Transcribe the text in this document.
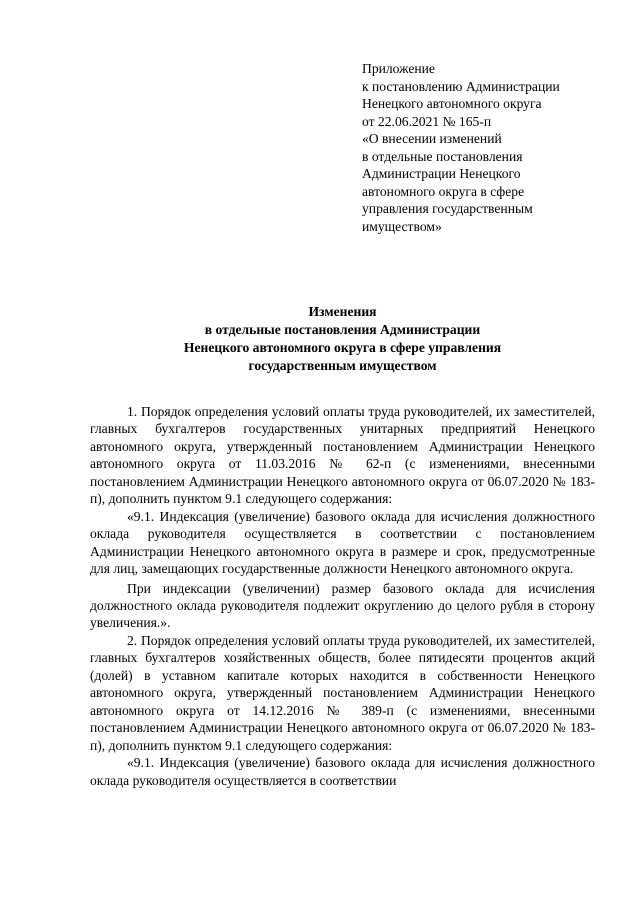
Приложение
к постановлению Администрации
Ненецкого автономного округа
от 22.06.2021 № 165-п
«О внесении изменений
в отдельные постановления
Администрации Ненецкого
автономного округа в сфере
управления государственным
имуществом»
Изменения
в отдельные постановления Администрации
Ненецкого автономного округа в сфере управления
государственным имуществом

1. Порядок определения условий оплаты труда руководителей, их заместителей, главных бухгалтеров государственных унитарных предприятий Ненецкого автономного округа, утвержденный постановлением Администрации Ненецкого автономного округа от 11.03.2016 № 62-п (с изменениями, внесенными постановлением Администрации Ненецкого автономного округа от 06.07.2020 № 183-п), дополнить пунктом 9.1 следующего содержания:

«9.1. Индексация (увеличение) базового оклада для исчисления должностного оклада руководителя осуществляется в соответствии с постановлением Администрации Ненецкого автономного округа в размере и срок, предусмотренные для лиц, замещающих государственные должности Ненецкого автономного округа.

При индексации (увеличении) размер базового оклада для исчисления должностного оклада руководителя подлежит округлению до целого рубля в сторону увеличения.».

2. Порядок определения условий оплаты труда руководителей, их заместителей, главных бухгалтеров хозяйственных обществ, более пятидесяти процентов акций (долей) в уставном капитале которых находится в собственности Ненецкого автономного округа, утвержденный постановлением Администрации Ненецкого автономного округа от 14.12.2016 № 389-п (с изменениями, внесенными постановлением Администрации Ненецкого автономного округа от 06.07.2020 № 183-п), дополнить пунктом 9.1 следующего содержания:

«9.1. Индексация (увеличение) базового оклада для исчисления должностного оклада руководителя осуществляется в соответствии
